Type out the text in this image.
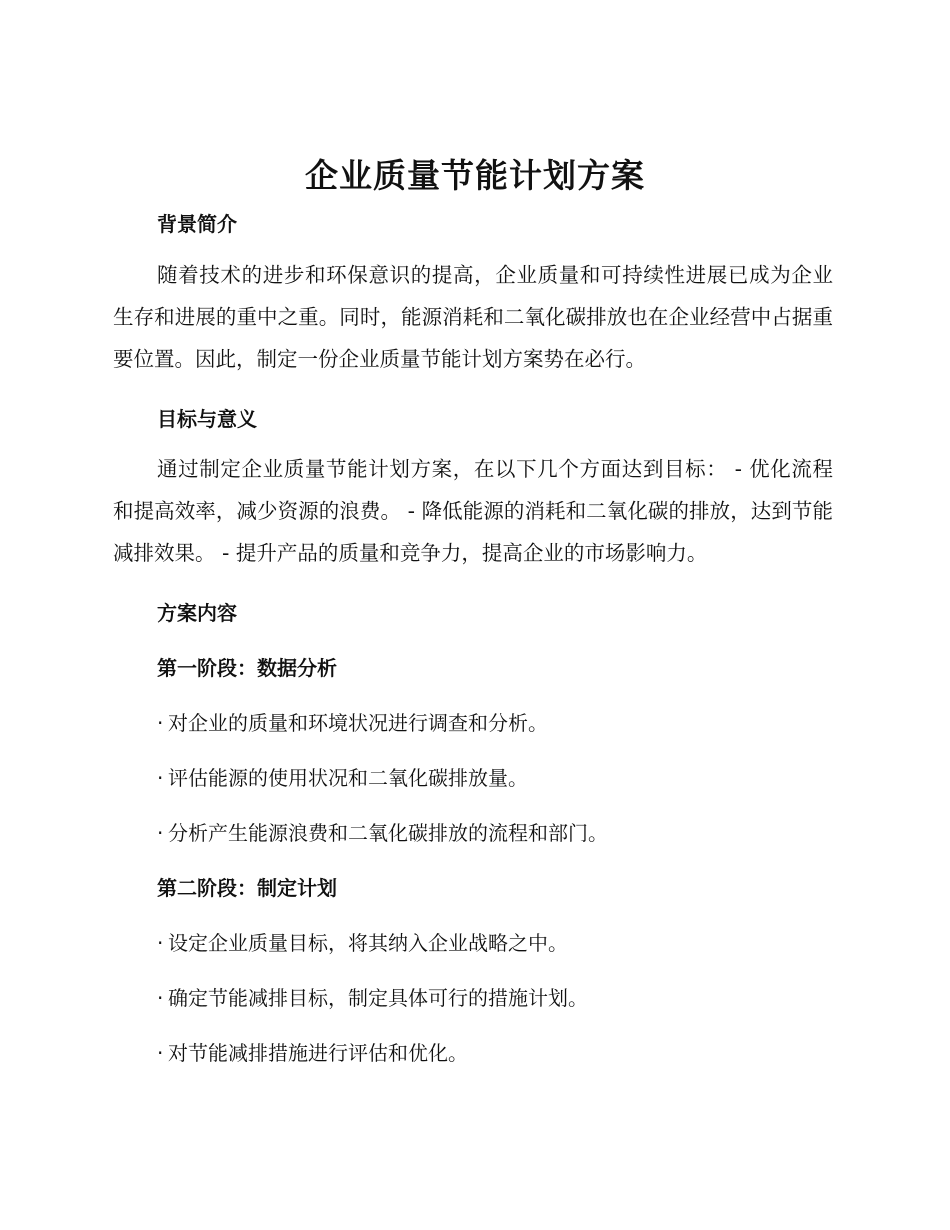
企业质量节能计划方案
背景简介

随着技术的进步和环保意识的提高，企业质量和可持续性进展已成为企业生存和进展的重中之重。同时，能源消耗和二氧化碳排放也在企业经营中占据重要位置。因此，制定一份企业质量节能计划方案势在必行。

目标与意义

通过制定企业质量节能计划方案，在以下几个方面达到目标： - 优化流程和提高效率，减少资源的浪费。 - 降低能源的消耗和二氧化碳的排放，达到节能减排效果。 - 提升产品的质量和竞争力，提高企业的市场影响力。

方案内容
第一阶段：数据分析
· 对企业的质量和环境状况进行调查和分析。
· 评估能源的使用状况和二氧化碳排放量。
· 分析产生能源浪费和二氧化碳排放的流程和部门。
第二阶段：制定计划
· 设定企业质量目标，将其纳入企业战略之中。
· 确定节能减排目标，制定具体可行的措施计划。
· 对节能减排措施进行评估和优化。
